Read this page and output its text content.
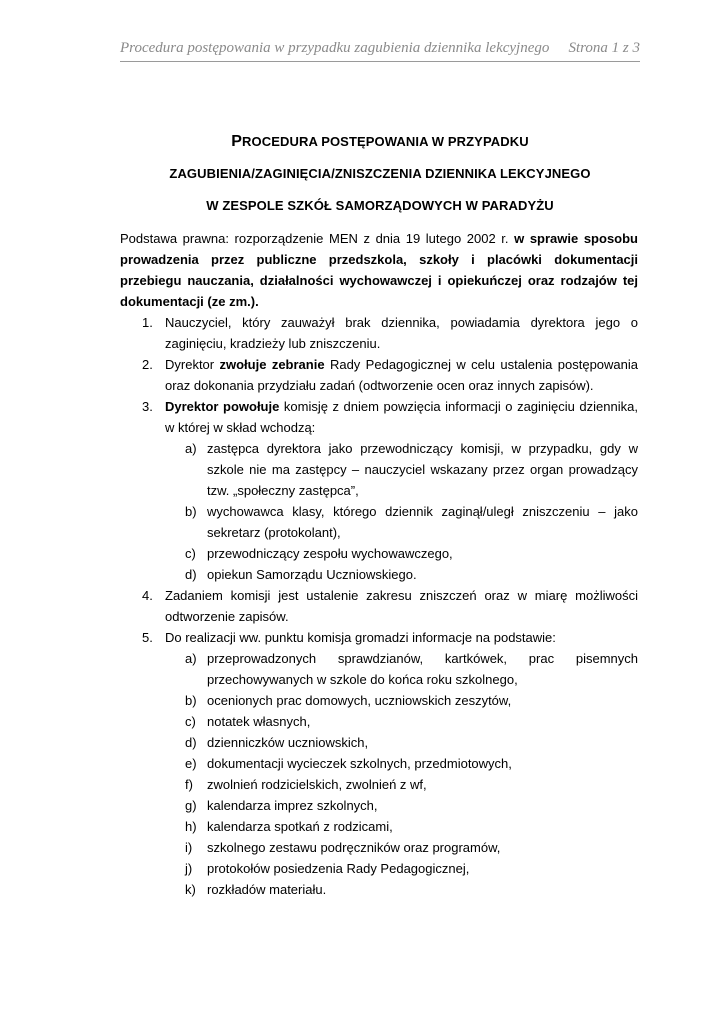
Procedura postępowania w przypadku zagubienia dziennika lekcyjnego Strona 1 z 3
PROCEDURA POSTĘPOWANIA W PRZYPADKU
ZAGUBIENIA/ZAGINIĘCIA/ZNISZCZENIA DZIENNIKA LEKCYJNEGO
W ZESPOLE SZKÓŁ SAMORZĄDOWYCH W PARADYŻU

Podstawa prawna: rozporządzenie MEN z dnia 19 lutego 2002 r. w sprawie sposobu prowadzenia przez publiczne przedszkola, szkoły i placówki dokumentacji przebiegu nauczania, działalności wychowawczej i opiekuńczej oraz rodzajów tej dokumentacji (ze zm.).

1. Nauczyciel, który zauważył brak dziennika, powiadamia dyrektora jego o zaginięciu, kradzieży lub zniszczeniu.
2. Dyrektor zwołuje zebranie Rady Pedagogicznej w celu ustalenia postępowania oraz dokonania przydziału zadań (odtworzenie ocen oraz innych zapisów).
3. Dyrektor powołuje komisję z dniem powzięcia informacji o zaginięciu dziennika, w której w skład wchodzą:
a) zastępca dyrektora jako przewodniczący komisji, w przypadku, gdy w szkole nie ma zastępcy – nauczyciel wskazany przez organ prowadzący tzw. „społeczny zastępca”,
b) wychowawca klasy, którego dziennik zaginął/uległ zniszczeniu – jako sekretarz (protokolant),
c) przewodniczący zespołu wychowawczego,
d) opiekun Samorządu Uczniowskiego.
4. Zadaniem komisji jest ustalenie zakresu zniszczeń oraz w miarę możliwości odtworzenie zapisów.
5. Do realizacji ww. punktu komisja gromadzi informacje na podstawie:
a) przeprowadzonych sprawdzianów, kartkówek, prac pisemnych
przechowywanych w szkole do końca roku szkolnego,
b) ocenionych prac domowych, uczniowskich zeszytów,
c) notatek własnych,
d) dzienniczków uczniowskich,
e) dokumentacji wycieczek szkolnych, przedmiotowych,
f) zwolnień rodzicielskich, zwolnień z wf,
g) kalendarza imprez szkolnych,
h) kalendarza spotkań z rodzicami,
i) szkolnego zestawu podręczników oraz programów,
j) protokołów posiedzenia Rady Pedagogicznej,
k) rozkładów materiału.
